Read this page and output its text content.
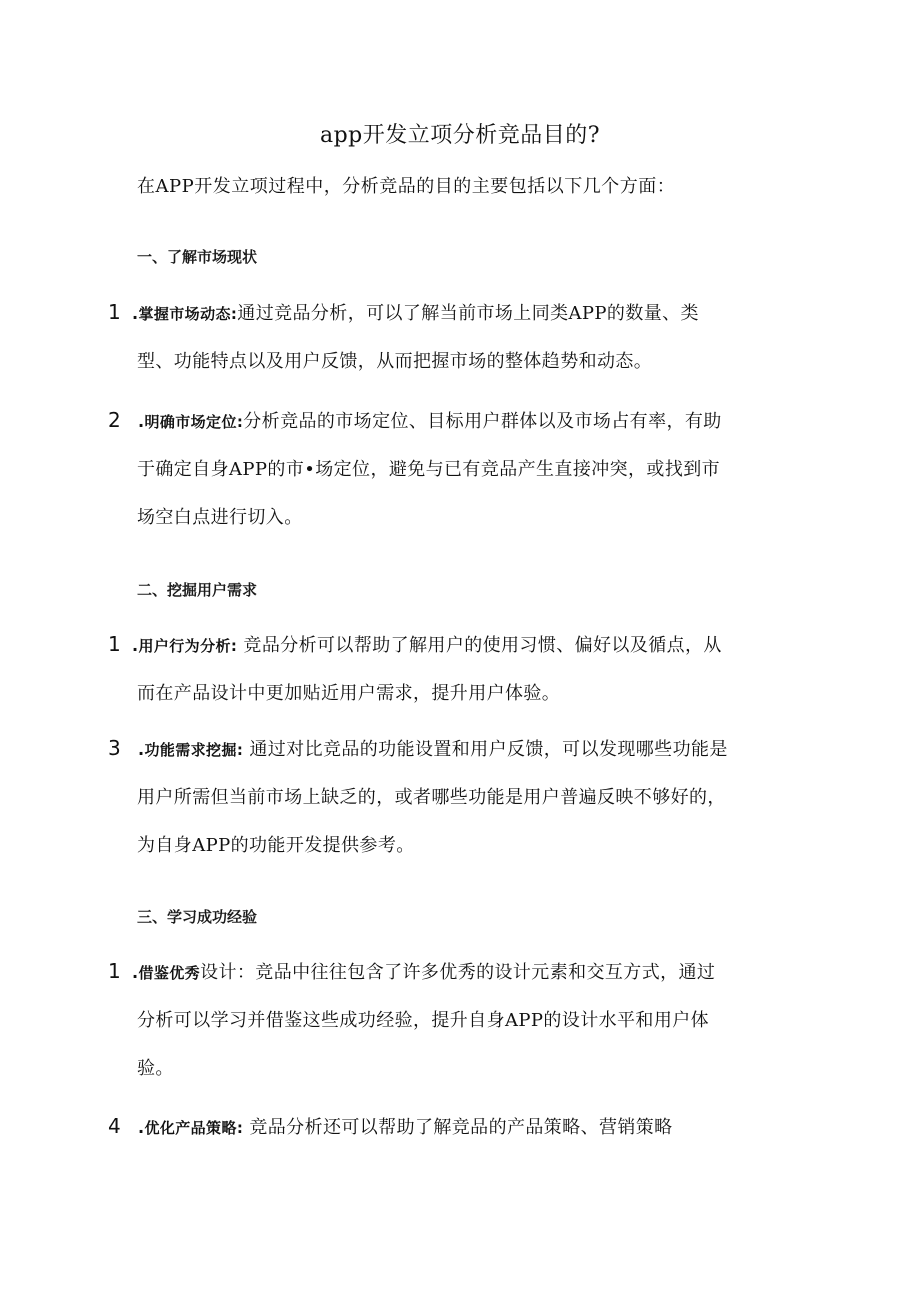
app开发立项分析竞品目的?
在APP开发立项过程中，分析竞品的目的主要包括以下几个方面：
一、了解市场现状
1 .掌握市场动态:通过竞品分析，可以了解当前市场上同类APP的数量、类
型、功能特点以及用户反馈，从而把握市场的整体趋势和动态。
2 .明确市场定位:分析竞品的市场定位、目标用户群体以及市场占有率，有助
于确定自身APP的市•场定位，避免与已有竞品产生直接冲突，或找到市
场空白点进行切入。
二、挖掘用户需求
1 .用户行为分析: 竞品分析可以帮助了解用户的使用习惯、偏好以及循点，从
而在产品设计中更加贴近用户需求，提升用户体验。
3 .功能需求挖掘: 通过对比竞品的功能设置和用户反馈，可以发现哪些功能是
用户所需但当前市场上缺乏的，或者哪些功能是用户普遍反映不够好的，
为自身APP的功能开发提供参考。
三、学习成功经验
1 .借鉴优秀设计：竞品中往往包含了许多优秀的设计元素和交互方式，通过
分析可以学习并借鉴这些成功经验，提升自身APP的设计水平和用户体
验。
4 .优化产品策略: 竞品分析还可以帮助了解竞品的产品策略、营销策略
